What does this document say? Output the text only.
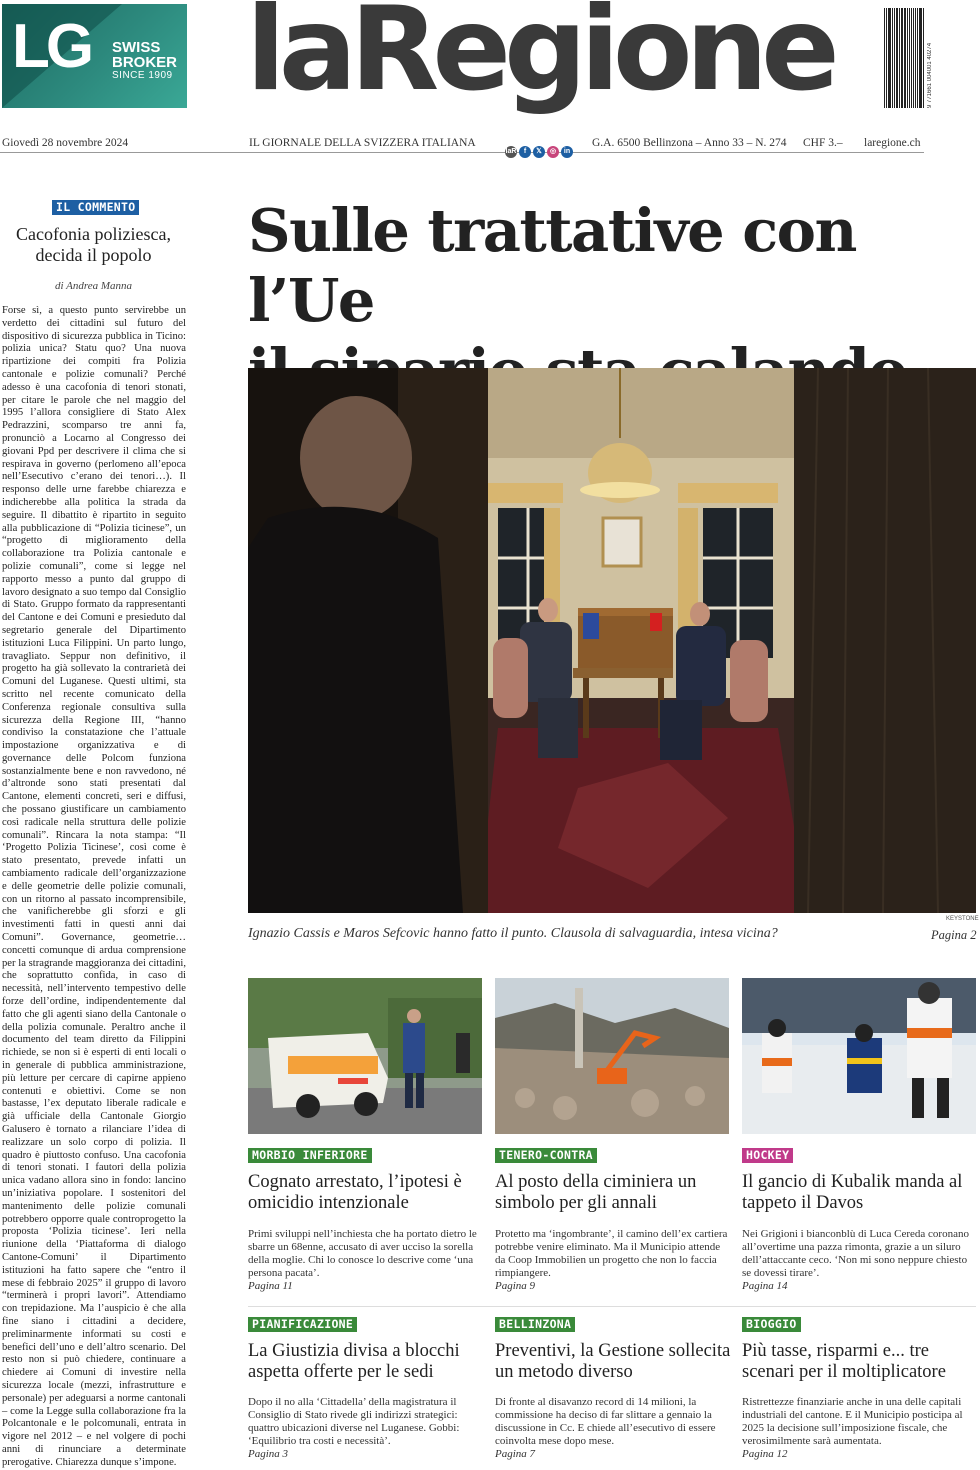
LG SWISS
BROKER
SINCE 1909 laRegione	9 771661 004001 40274
Giovedì 28 novembre 2024	IL GIORNALE DELLA SVIZZERA ITALIANA
laR	f	𝕏	◎	in
G.A. 6500 Bellinzona – Anno 33 – N. 274 CHF 3.– laregione.ch
IL COMMENTO
Cacofonia poliziesca, decida il popolo
di Andrea Manna
Forse sì, a questo punto servirebbe un verdetto dei cittadini sul futuro del dispositivo di sicurezza pubblica in Ticino: polizia unica? Statu quo? Una nuova ripartizione dei compiti fra Polizia cantonale e polizie comunali? Perché adesso è una cacofonia di tenori stonati, per citare le parole che nel maggio del 1995 l’allora consigliere di Stato Alex Pedrazzini, scomparso tre anni fa, pronunciò a Locarno al Congresso dei giovani Ppd per descrivere il clima che si respirava in governo (perlomeno all’epoca nell’Esecutivo c’erano dei tenori…). Il responso delle urne farebbe chiarezza e indicherebbe alla politica la strada da seguire. Il dibattito è ripartito in seguito alla pubblicazione di “Polizia ticinese”, un “progetto di miglioramento della collaborazione tra Polizia cantonale e polizie comunali”, come si legge nel rapporto messo a punto dal gruppo di lavoro designato a suo tempo dal Consiglio di Stato. Gruppo formato da rappresentanti del Cantone e dei Comuni e presieduto dal segretario generale del Dipartimento istituzioni Luca Filippini. Un parto lungo, travagliato. Seppur non definitivo, il progetto ha già sollevato la contrarietà dei Comuni del Luganese. Questi ultimi, sta scritto nel recente comunicato della Conferenza regionale consultiva sulla sicurezza della Regione III, “hanno condiviso la constatazione che l’attuale impostazione organizzativa e di governance delle Polcom funziona sostanzialmente bene e non ravvedono, né d’altronde sono stati presentati dal Cantone, elementi concreti, seri e diffusi, che possano giustificare un cambiamento così radicale nella struttura delle polizie comunali”. Rincara la nota stampa: “Il ‘Progetto Polizia Ticinese’, così come è stato presentato, prevede infatti un cambiamento radicale dell’organizzazione e delle geometrie delle polizie comunali, con un ritorno al passato incomprensibile, che vanificherebbe gli sforzi e gli investimenti fatti in questi anni dai Comuni”. Governance, geometrie… concetti comunque di ardua comprensione per la stragrande maggioranza dei cittadini, che soprattutto confida, in caso di necessità, nell’intervento tempestivo delle forze dell’ordine, indipendentemente dal fatto che gli agenti siano della Cantonale o della polizia comunale. Peraltro anche il documento del team diretto da Filippini richiede, se non si è esperti di enti locali o in generale di pubblica amministrazione, più letture per cercare di capirne appieno contenuti e obiettivi. Come se non bastasse, l’ex deputato liberale radicale e già ufficiale della Cantonale Giorgio Galusero è tornato a rilanciare l’idea di realizzare un solo corpo di polizia. Il quadro è piuttosto confuso. Una cacofonia di tenori stonati. I fautori della polizia unica vadano allora sino in fondo: lancino un’iniziativa popolare. I sostenitori del mantenimento delle polizie comunali potrebbero opporre quale controprogetto la proposta ‘Polizia ticinese’. Ieri nella riunione della ‘Piattaforma di dialogo Cantone-Comuni’ il Dipartimento istituzioni ha fatto sapere che “entro il mese di febbraio 2025” il gruppo di lavoro “terminerà i propri lavori”. Attendiamo con trepidazione. Ma l’auspicio è che alla fine siano i cittadini a decidere, preliminarmente informati su costi e benefici dell’uno e dell’altro scenario. Del resto non si può chiedere, continuare a chiedere ai Comuni di investire nella sicurezza locale (mezzi, infrastrutture e personale) per adeguarsi a norme cantonali – come la Legge sulla collaborazione fra la Polcantonale e le polcomunali, entrata in vigore nel 2012 – e nel volgere di pochi anni di rinunciare a determinate prerogative. Chiarezza dunque s’impone.
Sulle trattative con l’Ue
KEYSTONE
Ignazio Cassis e Maros Sefcovic hanno fatto il punto. Clausola di salvaguardia, intesa vicina?	Pagina 2
MORBIO INFERIORE
Cognato arrestato, l’ipotesi è omicidio intenzionale
Primi sviluppi nell’inchiesta che ha portato dietro le sbarre un 68enne, accusato di aver ucciso la sorella della moglie. Chi lo conosce lo descrive come ‘una persona pacata’.
Pagina 11
TENERO-CONTRA
Al posto della ciminiera un simbolo per gli annali
Protetto ma ‘ingombrante’, il camino dell’ex cartiera potrebbe venire eliminato. Ma il Municipio attende da Coop Immobilien un progetto che non lo faccia rimpiangere.
Pagina 9
HOCKEY
Il gancio di Kubalik manda al tappeto il Davos
Nei Grigioni i bianconblù di Luca Cereda coronano all’overtime una pazza rimonta, grazie a un siluro dell’attaccante ceco. ‘Non mi sono neppure chiesto se dovessi tirare’.
Pagina 14
PIANIFICAZIONE
La Giustizia divisa a blocchi aspetta offerte per le sedi
Dopo il no alla ‘Cittadella’ della magistratura il Consiglio di Stato rivede gli indirizzi strategici: quattro ubicazioni diverse nel Luganese. Gobbi: ‘Equilibrio tra costi e necessità’.
Pagina 3
BELLINZONA
Preventivi, la Gestione sollecita un metodo diverso
Di fronte al disavanzo record di 14 milioni, la commissione ha deciso di far slittare a gennaio la discussione in Cc. E chiede all’esecutivo di essere coinvolta mese dopo mese.
Pagina 7
BIOGGIO
Più tasse, risparmi e... tre scenari per il moltiplicatore
Ristrettezze finanziarie anche in una delle capitali industriali del cantone. E il Municipio posticipa al 2025 la decisione sull’imposizione fiscale, che verosimilmente sarà aumentata.
Pagina 12
